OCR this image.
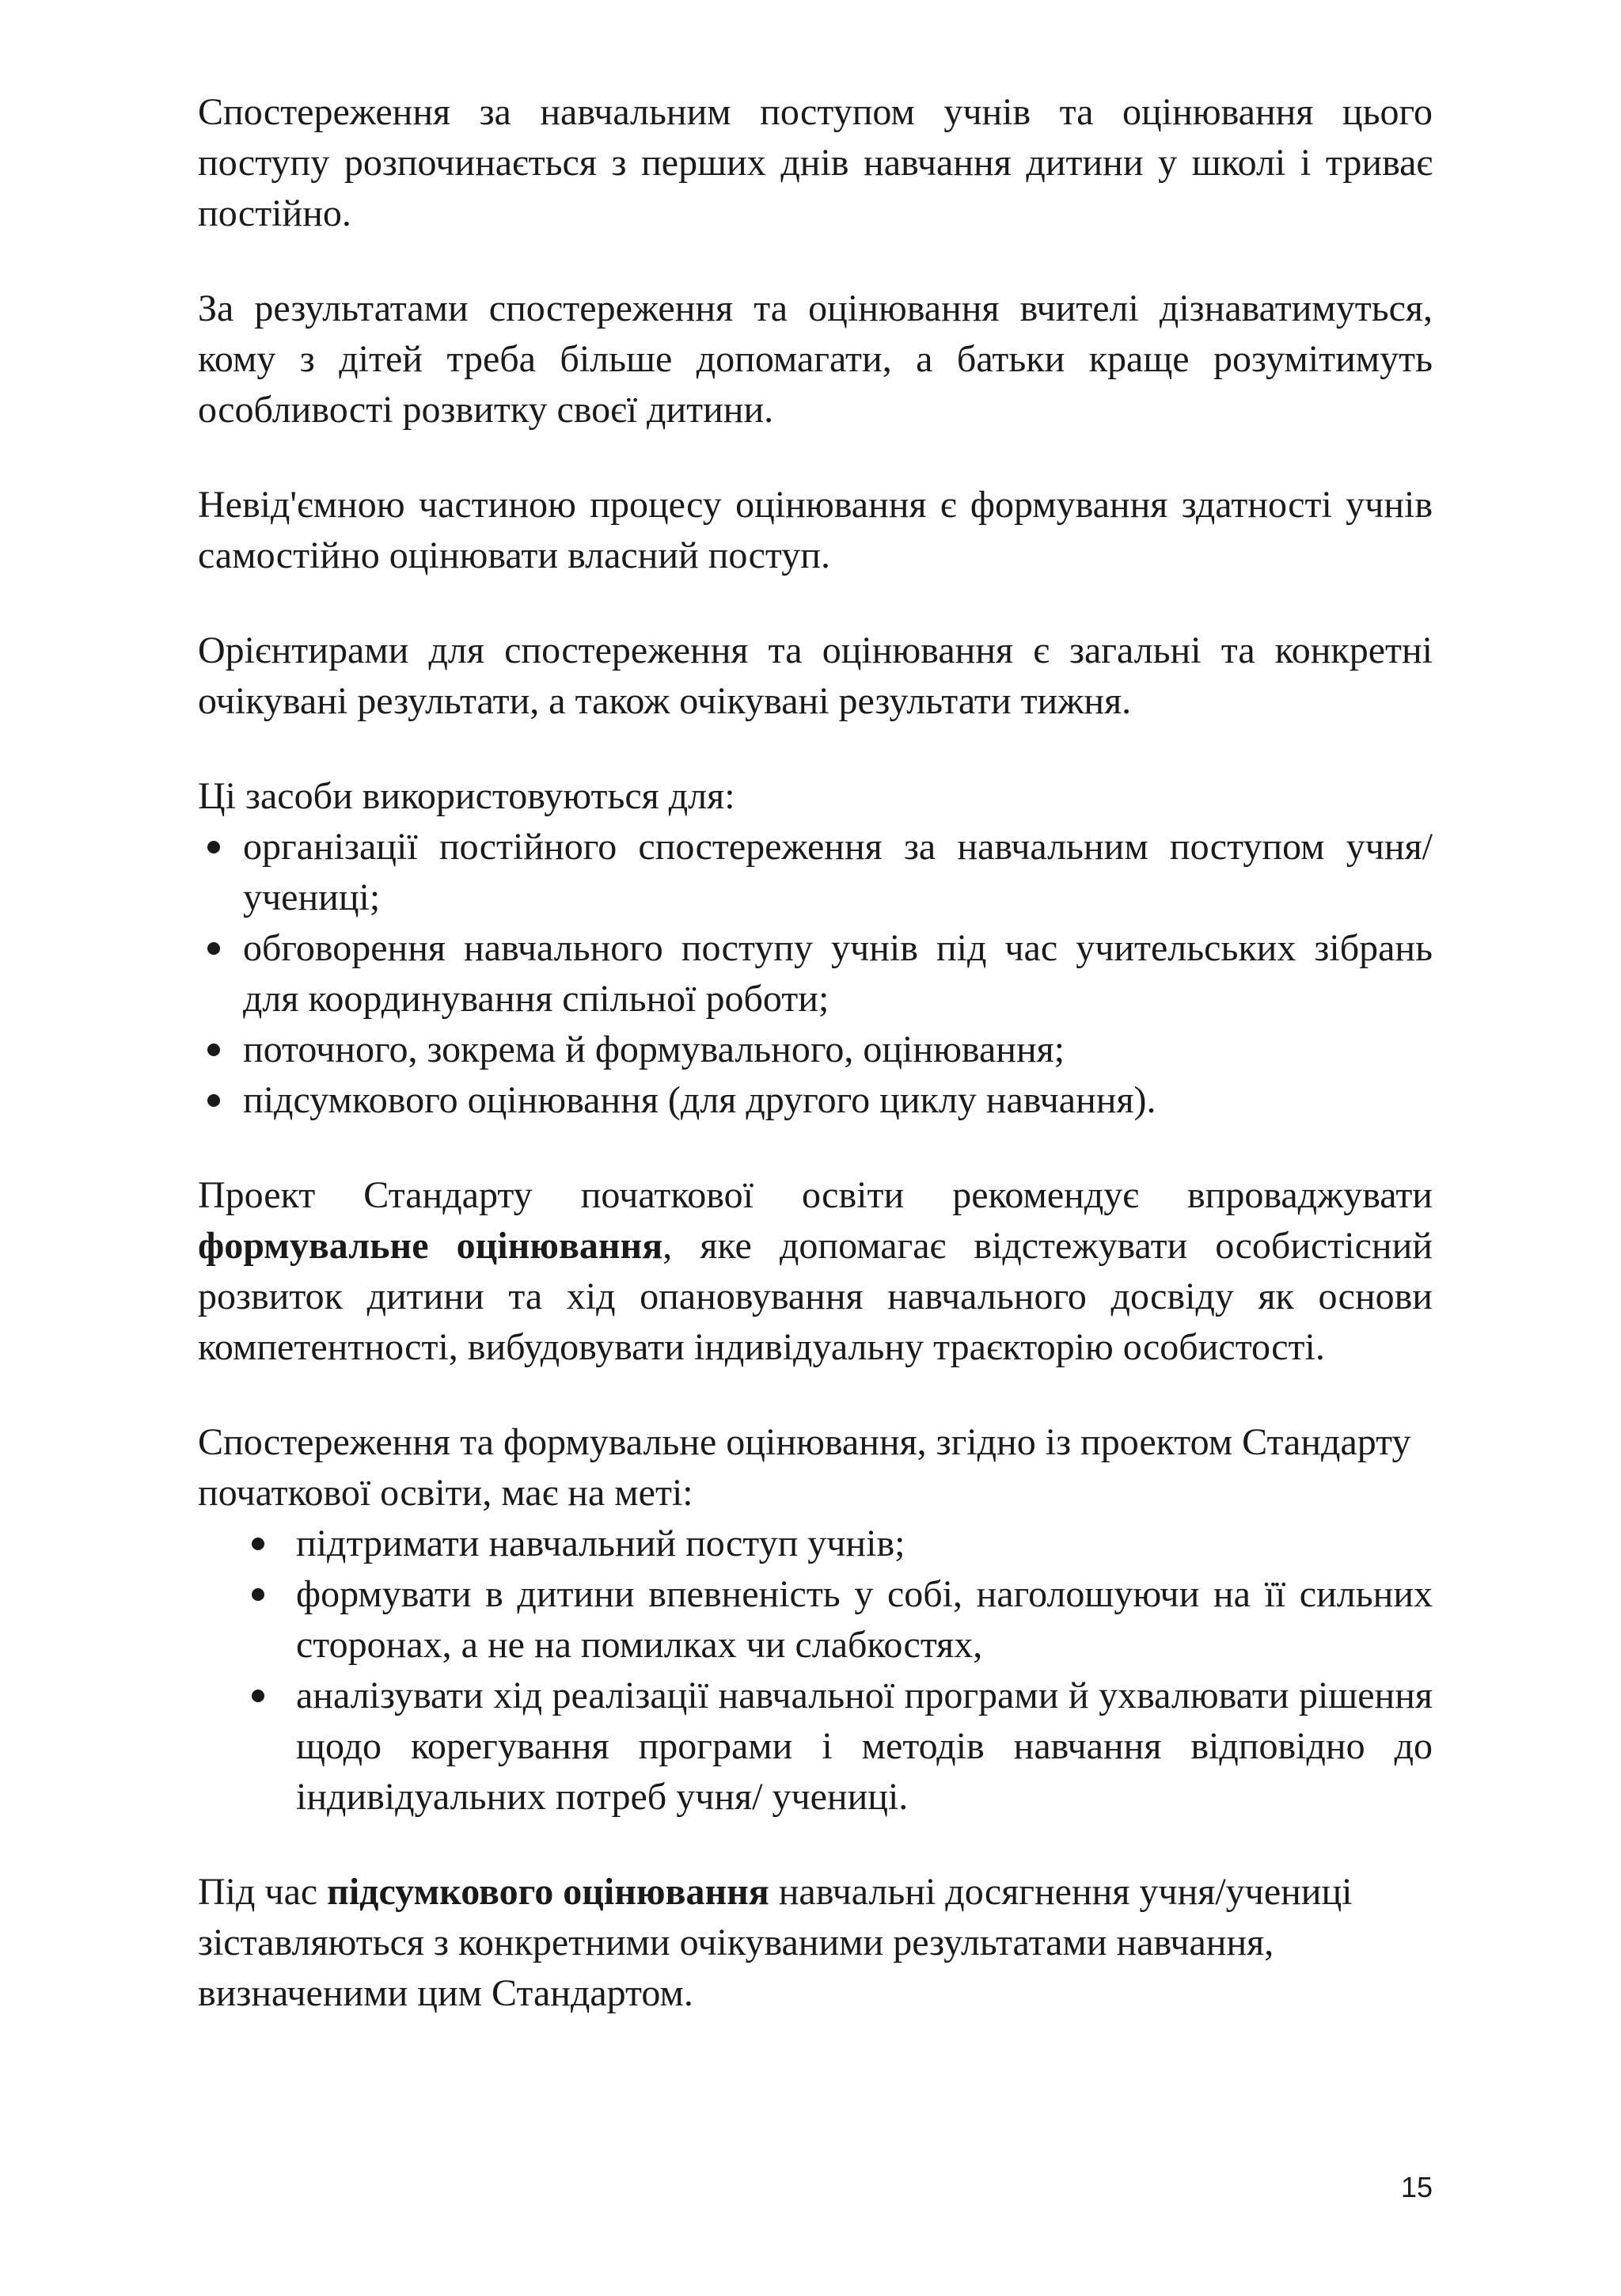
Спостереження за навчальним поступом учнів та оцінювання цього поступу розпочинається з перших днів навчання дитини у школі і триває постійно.

За результатами спостереження та оцінювання вчителі дізнаватимуться, кому з дітей треба більше допомагати, а батьки краще розумітимуть особливості розвитку своєї дитини.

Невід'ємною частиною процесу оцінювання є формування здатності учнів самостійно оцінювати власний поступ.

Орієнтирами для спостереження та оцінювання є загальні та конкретні очікувані результати, а також очікувані результати тижня.

Ці засоби використовуються для:

організації постійного спостереження за навчальним поступом учня/ учениці;
обговорення навчального поступу учнів під час учительських зібрань для координування спільної роботи;
поточного, зокрема й формувального, оцінювання;
підсумкового оцінювання (для другого циклу навчання).

Проект Стандарту початкової освіти рекомендує впроваджувати формувальне оцінювання, яке допомагає відстежувати особистісний розвиток дитини та хід опановування навчального досвіду як основи компетентності, вибудовувати індивідуальну траєкторію особистості.

Спостереження та формувальне оцінювання, згідно із проектом Стандарту початкової освіти, має на меті:

підтримати навчальний поступ учнів;
формувати в дитини впевненість у собі, наголошуючи на її сильних сторонах, а не на помилках чи слабкостях,
аналізувати хід реалізації навчальної програми й ухвалювати рішення щодо корегування програми і методів навчання відповідно до індивідуальних потреб учня/ учениці.

Під час підсумкового оцінювання навчальні досягнення учня/учениці зіставляються з конкретними очікуваними результатами навчання, визначеними цим Стандартом.

15
